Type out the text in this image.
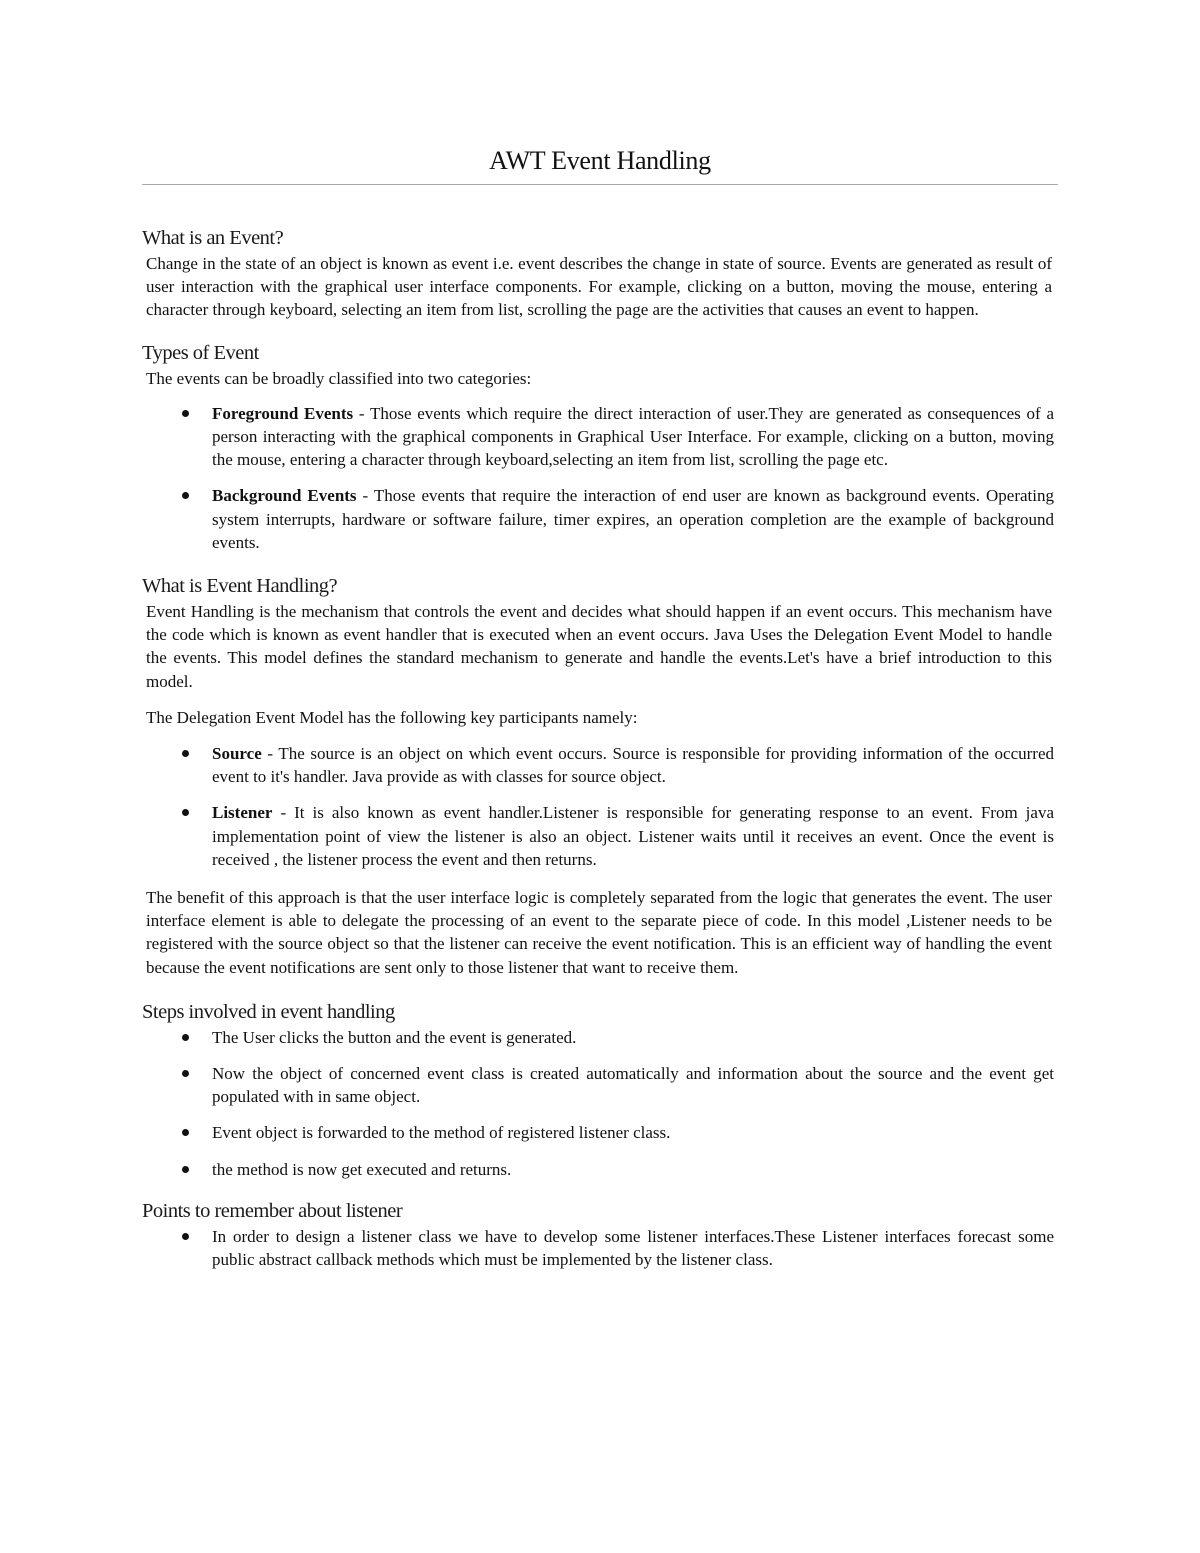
AWT Event Handling
What is an Event?

Change in the state of an object is known as event i.e. event describes the change in state of source. Events are generated as result of user interaction with the graphical user interface components. For example, clicking on a button, moving the mouse, entering a character through keyboard, selecting an item from list, scrolling the page are the activities that causes an event to happen.

Types of Event

The events can be broadly classified into two categories:

Foreground Events - Those events which require the direct interaction of user.They are generated as consequences of a person interacting with the graphical components in Graphical User Interface. For example, clicking on a button, moving the mouse, entering a character through keyboard,selecting an item from list, scrolling the page etc.
Background Events - Those events that require the interaction of end user are known as background events. Operating system interrupts, hardware or software failure, timer expires, an operation completion are the example of background events.
What is Event Handling?

Event Handling is the mechanism that controls the event and decides what should happen if an event occurs. This mechanism have the code which is known as event handler that is executed when an event occurs. Java Uses the Delegation Event Model to handle the events. This model defines the standard mechanism to generate and handle the events.Let's have a brief introduction to this model.

The Delegation Event Model has the following key participants namely:

Source - The source is an object on which event occurs. Source is responsible for providing information of the occurred event to it's handler. Java provide as with classes for source object.
Listener - It is also known as event handler.Listener is responsible for generating response to an event. From java implementation point of view the listener is also an object. Listener waits until it receives an event. Once the event is received , the listener process the event and then returns.

The benefit of this approach is that the user interface logic is completely separated from the logic that generates the event. The user interface element is able to delegate the processing of an event to the separate piece of code. In this model ,Listener needs to be registered with the source object so that the listener can receive the event notification. This is an efficient way of handling the event because the event notifications are sent only to those listener that want to receive them.

Steps involved in event handling
The User clicks the button and the event is generated.
Now the object of concerned event class is created automatically and information about the source and the event get populated with in same object.
Event object is forwarded to the method of registered listener class.
the method is now get executed and returns.
Points to remember about listener
In order to design a listener class we have to develop some listener interfaces.These Listener interfaces forecast some public abstract callback methods which must be implemented by the listener class.
